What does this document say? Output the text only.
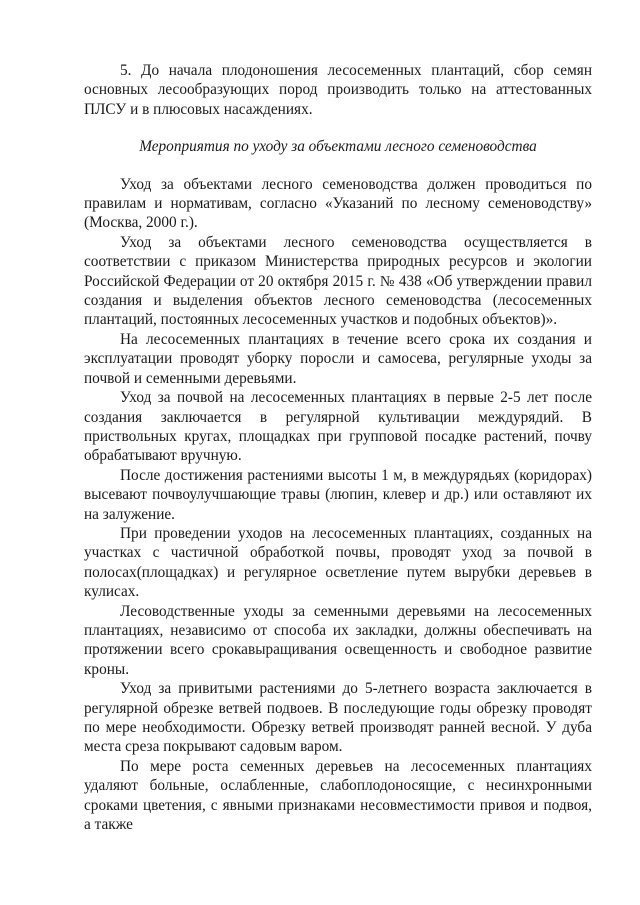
5. До начала плодоношения лесосеменных плантаций, сбор семян основных лесообразующих пород производить только на аттестованных ПЛСУ и в плюсовых насаждениях.

Мероприятия по уходу за объектами лесного семеноводства

Уход за объектами лесного семеноводства должен проводиться по правилам и нормативам, согласно «Указаний по лесному семеноводству» (Москва, 2000 г.).

Уход за объектами лесного семеноводства осуществляется в соответствии с приказом Министерства природных ресурсов и экологии Российской Федерации от 20 октября 2015 г. № 438 «Об утверждении правил создания и выделения объектов лесного семеноводства (лесосеменных плантаций, постоянных лесосеменных участков и подобных объектов)».

На лесосеменных плантациях в течение всего срока их создания и эксплуатации проводят уборку поросли и самосева, регулярные уходы за почвой и семенными деревьями.

Уход за почвой на лесосеменных плантациях в первые 2-5 лет после создания заключается в регулярной культивации междурядий. В приствольных кругах, площадках при групповой посадке растений, почву обрабатывают вручную.

После достижения растениями высоты 1 м, в междурядьях (коридорах) высевают почвоулучшающие травы (люпин, клевер и др.) или оставляют их на залужение.

При проведении уходов на лесосеменных плантациях, созданных на участках с частичной обработкой почвы, проводят уход за почвой в полосах(площадках) и регулярное осветление путем вырубки деревьев в кулисах.

Лесоводственные уходы за семенными деревьями на лесосеменных плантациях, независимо от способа их закладки, должны обеспечивать на протяжении всего срокавыращивания освещенность и свободное развитие кроны.

Уход за привитыми растениями до 5-летнего возраста заключается в регулярной обрезке ветвей подвоев. В последующие годы обрезку проводят по мере необходимости. Обрезку ветвей производят ранней весной. У дуба места среза покрывают садовым варом.

По мере роста семенных деревьев на лесосеменных плантациях удаляют больные, ослабленные, слабоплодоносящие, с несинхронными сроками цветения, с явными признаками несовместимости привоя и подвоя, а также
